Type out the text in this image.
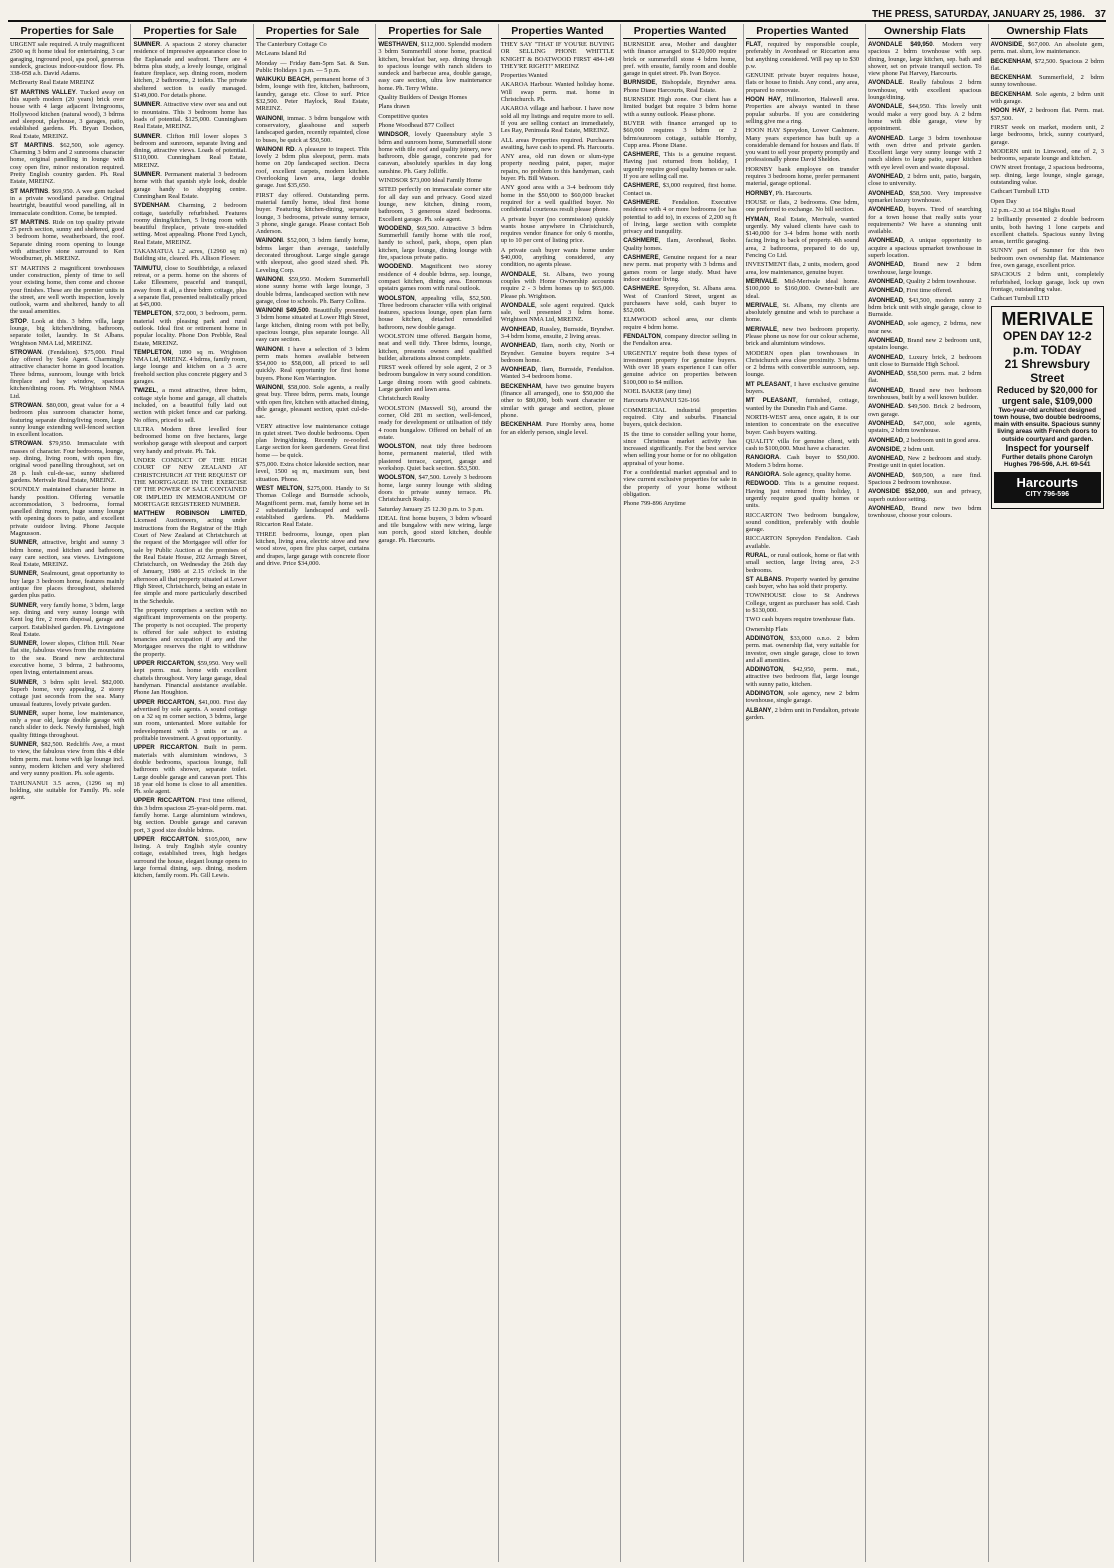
THE PRESS, SATURDAY, JANUARY 25, 1986. 37
Properties for Sale
URGENT sale required. A truly magnificent 2500 sq ft home ideal for entertaining, 3 car garaging, inground pool, spa pool, generous sundeck, gracious indoor-outdoor flow. Ph. 338-058 a.h. David Adams.
McBrearty Real Estate MREINZ
ST MARTINS VALLEY. Tucked away on this superb modern (20 years) brick over house with 4 large adjacent livingrooms, Hollywood kitchen (natural wood), 3 bdrms and sleepout, playhouse, 3 garages, patio, established gardens. Ph. Bryan Dodson, Real Estate, MREINZ.
ST MARTINS. $62,500, sole agency. Charming 3 bdrm and 2 sunrooms character home, original panelling in lounge with cosy open fire, minor restoration required. Pretty English country garden. Ph. Real Estate, MREINZ.
ST MARTINS. $69,950. A wee gem tucked in a private woodland paradise. Original heartright, beautiful wood panelling, all in immaculate condition. Come, be tempted.
ST MARTINS. Ride on top quality private 25 perch section, sunny and sheltered, good 3 bedroom home, weatherboard, the roof. Separate dining room opening to lounge with attractive stone surround to Ken Woodburner, ph. MREINZ.
ST MARTINS 2 magnificent townhouses under construction, plenty of time to sell your existing home, then come and choose your finishes. These are the premier units in the street, are well worth inspection, lovely outlook, warm and sheltered, handy to all the usual amenities.
STOP. Look at this. 3 bdrm villa, large lounge, big kitchen/dining, bathroom, separate toilet, laundry. In St Albans. Wrightson NMA Ltd, MREINZ.
STROWAN. (Fendalton). $75,000. Final day offered by Sole Agent. Charmingly attractive character home in good location. Three bdrms, sunroom, lounge with brick fireplace and bay window, spacious kitchen/dining room. Ph. Wrightson NMA Ltd.
STROWAN. $80,000, great value for a 4 bedroom plus sunroom character home, featuring separate dining/living room, large sunny lounge extending well-fenced section in excellent location.
STROWAN. $79,950. Immaculate with masses of character. Four bedrooms, lounge, sep. dining, living room, with open fire, original wood panelling throughout, set on 28 p. lush cul-de-sac, sunny sheltered gardens. Merivale Real Estate, MREINZ.
SOUNDLY maintained character home in handy position. Offering versatile accommodation, 3 bedrooms, formal panelled dining room, huge sunny lounge with opening doors to patio, and excellent private outdoor living. Phone Jacquie Magnusson.
SUMNER, attractive, bright and sunny 3 bdrm home, mod kitchen and bathroom, easy care section, sea views. Livingstone Real Estate, MREINZ.
SUMNER, Sealmount, great opportunity to buy large 3 bedroom home, features mainly antique fire places throughout, sheltered garden plus patio.
SUMNER, very family home, 3 bdrm, large sep. dining and very sunny lounge with Kent log fire, 2 room disposal, garage and carport. Established garden. Ph. Livingstone Real Estate.
SUMNER, lower slopes, Clifton Hill. Near flat site, fabulous views from the mountains to the sea. Brand new architectural executive home, 3 bdrms, 2 bathrooms, open living, entertainment areas.
SUMNER, 3 bdrm split level. $82,000. Superb home, very appealing, 2 storey cottage just seconds from the sea. Many unusual features, lovely private garden.
SUMNER, super home, low maintenance, only a year old, large double garage with ranch slider to deck. Newly furnished, high quality fittings throughout.
SUMNER, $82,500. Redcliffs Ave, a must to view, the fabulous view from this 4 dble bdrm perm. mat. home with lge lounge incl. sunny, modern kitchen and very sheltered and very sunny position. Ph. sole agents.
TAHUNANUI 3.5 acres, (1296 sq m) holding, site suitable for Family. Ph. sole agent.
Properties for Sale
SUMNER. A spacious 2 storey character residence of impressive appearance close to the Esplanade and seafront. There are 4 bdrms plus study, a lovely lounge, original feature fireplace, sep. dining room, modern kitchen, 2 bathrooms, 2 toilets. The private sheltered section is easily managed. $149,000. For details phone.
SUMNER. Attractive view over sea and out to mountains. This 3 bedroom home has loads of potential. $125,000. Cunningham Real Estate, MREINZ.
SUMNER. Clifton Hill lower slopes 3 bedroom and sunroom, separate living and dining, attractive views. Loads of potential. $110,000. Cunningham Real Estate, MREINZ.
SUMNER. Permanent material 3 bedroom home with that spanish style look, double garage handy to shopping centre. Cunningham Real Estate.
SYDENHAM. Charming, 2 bedroom cottage, tastefully refurbished. Features roomy dining/kitchen, 5 living room with beautiful fireplace, private tree-studded setting. Most appealing. Phone Fred Lynch, Real Estate, MREINZ.
TAKAMATUA 1.2 acres, (12960 sq m) Building site, cleared. Ph. Allison Flower.
TAIMUTU, close to Southbridge, a relaxed retreat, or a perm. home on the shores of Lake Ellesmere, peaceful and tranquil, away from it all, a three bdrm cottage, plus a separate flat, presented realistically priced at $45,000.
TEMPLETON, $72,000, 3 bedroom, perm. material with pleasing park and rural outlook. Ideal first or retirement home in popular locality. Phone Don Prebble, Real Estate, MREINZ.
TEMPLETON, 1890 sq m. Wrightson NMA Ltd, MREINZ. 4 bdrms, family room, large lounge and kitchen on a 3 acre freehold section plus concrete piggery and 3 garages.
TWIZEL, a most attractive, three bdrm, cottage style home and garage, all chattels included, on a beautiful fully laid out section with picket fence and car parking. No offers, priced to sell.
ULTRA Modern three levelled four bedroomed home on five hectares, large workshop garage with sleepout and carport very handy and private. Ph. Tak.
UNDER CONDUCT OF THE HIGH COURT OF NEW ZEALAND AT CHRISTCHURCH AT THE REQUEST OF THE MORTGAGEE IN THE EXERCISE OF THE POWER OF SALE CONTAINED OR IMPLIED IN MEMORANDUM OF MORTGAGE REGISTERED NUMBER.
MATTHEW ROBINSON LIMITED, Licensed Auctioneers, acting under instructions from the Registrar of the High Court of New Zealand at Christchurch at the request of the Mortgagee will offer for sale by Public Auction at the premises of the Real Estate House, 202 Armagh Street, Christchurch, on Wednesday the 26th day of January, 1986 at 2.15 o'clock in the afternoon all that property situated at Lower High Street, Christchurch, being an estate in fee simple and more particularly described in the Schedule.
The property comprises a section with no significant improvements on the property. The property is not occupied. The property is offered for sale subject to existing tenancies and occupation if any and the Mortgagee reserves the right to withdraw the property.
UPPER RICCARTON, $59,950. Very well kept perm. mat. home with excellent chattels throughout. Very large garage, ideal handyman. Financial assistance available. Phone Jan Houghton.
UPPER RICCARTON, $41,000. First day advertised by sole agents. A sound cottage on a 32 sq m corner section, 3 bdrms, large sun room, untenanted. More suitable for redevelopment with 3 units or as a profitable investment. A great opportunity.
UPPER RICCARTON. Built in perm. materials with aluminium windows, 3 double bedrooms, spacious lounge, full bathroom with shower, separate toilet. Large double garage and caravan port. This 18 year old home is close to all amenities. Ph. sole agent.
UPPER RICCARTON. First time offered, this 3 bdrm spacious 25-year-old perm. mat. family home. Large aluminium windows, big section. Double garage and caravan port, 3 good size double bdrms.
UPPER RICCARTON. $105,000, new listing. A truly English style country cottage, established trees, high hedges surround the house, elegant lounge opens to large formal dining, sep. dining, modern kitchen, family room. Ph. Gill Lewis.
Properties for Sale
The Canterbury Cottage Co
McLeans Island Rd
Monday — Friday 8am-5pm Sat. & Sun. Public Holidays 1 p.m. — 5 p.m.
WAIKUKU BEACH, permanent home of 3 bdrm, lounge with fire, kitchen, bathroom, laundry, garage etc. Close to surf. Price $32,500. Peter Haylock, Real Estate, MREINZ.
WAINONI, immac. 3 bdrm bungalow with conservatory, glasshouse and superb landscaped garden, recently repainted, close to buses, be quick at $50,500.
WAINONI RD. A pleasure to inspect. This lovely 2 bdrm plus sleepout, perm. mats home on 20p landscaped section. Decra roof, excellent carpets, modern kitchen. Overlooking lawn area, large double garage. Just $35,650.
FIRST day offered. Outstanding perm. material family home, ideal first home buyer. Featuring kitchen-dining, separate lounge, 3 bedrooms, private sunny terrace, 3 phone, single garage. Please contact Bob Anderson.
WAINONI. $52,000, 3 bdrm family home, bdrms larger than average, tastefully decorated throughout. Large single garage with sleepout, also good sized shed. Ph. Leveling Corp.
WAINONI. $59,950. Modern Summerhill stone sunny home with large lounge, 3 double bdrms, landscaped section with new garage, close to schools. Ph. Barry Collins.
WAINONI $49,500. Beautifully presented 3 bdrm home situated at Lower High Street, large kitchen, dining room with pot belly, spacious lounge, plus separate lounge. All easy care section.
WAINONI. I have a selection of 3 bdrm perm mats homes available between $54,000 to $58,000, all priced to sell quickly. Real opportunity for first home buyers. Phone Ken Warrington.
WAINONI, $58,000. Sole agents, a really great buy. Three bdrm, perm. mats, lounge with open fire, kitchen with attached dining, dble garage, pleasant section, quiet cul-de-sac.
VERY attractive low maintenance cottage in quiet street. Two double bedrooms. Open plan living/dining. Recently re-roofed. Large section for keen gardeners. Great first home — be quick.
$75,000. Extra choice lakeside section, near level, 1500 sq m, maximum sun, best situation. Phone.
WEST MELTON, $275,000. Handy to St Thomas College and Burnside schools, Magnificent perm. mat, family home set in 2 substantially landscaped and well-established gardens. Ph. Maddams Riccarton Real Estate.
THREE bedrooms, lounge, open plan kitchen, living area, electric stove and new wood stove, open fire plus carpet, curtains and drapes, large garage with concrete floor and drive. Price $34,000.
Properties for Sale
WESTHAVEN, $112,000. Splendid modern 3 bdrm Summerhill stone home, practical kitchen, breakfast bar, sep. dining through to spacious lounge with ranch sliders to sundeck and barbecue area, double garage, easy care section, ultra low maintenance home. Ph. Terry White.
Quality Builders of Design Homes
Plans drawn
Competitive quotes
Phone Woodhead 877 Collect
WINDSOR, lovely Queensbury style 3 bdrm and sunroom home, Summerhill stone home with tile roof and quality joinery, new bathroom, dble garage, concrete pad for caravan, absolutely sparkles in day long sunshine. Ph. Gary Jolliffe.
WINDSOR $73,000 Ideal Family Home
SITED perfectly on immaculate corner site for all day sun and privacy. Good sized lounge, new kitchen, dining room, bathroom, 3 generous sized bedrooms. Excellent garage. Ph. sole agent.
WOODEND, $69,500. Attractive 3 bdrm Summerhill family home with tile roof, handy to school, park, shops, open plan kitchen, large lounge, dining lounge with fire, spacious private patio.
WOODEND. Magnificent two storey residence of 4 double bdrms, sep. lounge, compact kitchen, dining area. Enormous upstairs games room with rural outlook.
WOOLSTON, appealing villa, $52,500. Three bedroom character villa with original features, spacious lounge, open plan farm house kitchen, detached remodelled bathroom, new double garage.
WOOLSTON time offered. Bargain home, neat and well tidy. Three bdrms, lounge, kitchen, presents owners and qualified builder, alterations almost complete.
FIRST week offered by sole agent, 2 or 3 bedroom bungalow in very sound condition. Large dining room with good cabinets. Large garden and lawn area.
Christchurch Realty
WOOLSTON (Maxwell St), around the corner, Old 281 m section, well-fenced, ready for development or utilisation of tidy 4 room bungalow. Offered on behalf of an estate.
WOOLSTON, neat tidy three bedroom home, permanent material, tiled with plastered terrace, carport, garage and workshop. Quiet back section. $53,500.
WOOLSTON, $47,500. Lovely 3 bedroom home, large sunny lounge with sliding doors to private sunny terrace. Ph. Christchurch Realty.
Saturday January 25 12.30 p.m. to 3 p.m.
IDEAL first home buyers, 3 bdrm w'board and tile bungalow with new wiring, large sun porch, good sized kitchen, double garage. Ph. Harcourts.
Properties Wanted
THEY SAY "THAT IF YOU'RE BUYING OR SELLING PHONE WHITTLE KNIGHT & BOATWOOD FIRST 484-149 THEY'RE RIGHT!" MREINZ
Properties Wanted
AKAROA Harbour. Wanted holiday home. Will swap perm. mat. home in Christchurch. Ph.
AKAROA village and harbour. I have now sold all my listings and require more to sell. If you are selling contact an immediately, Les Ray, Peninsula Real Estate, MREINZ.
ALL areas Properties required. Purchasers awaiting, have cash to spend. Ph. Harcourts.
ANY area, old run down or slum-type property needing paint, paper, major repairs, no problem to this handyman, cash buyer. Ph. Bill Watson.
ANY good area with a 3-4 bedroom tidy home in the $50,000 to $60,000 bracket required for a well qualified buyer. No confidential courteous result please phone.
A private buyer (no commission) quickly wants house anywhere in Christchurch, requires vendor finance for only 6 months, up to 10 per cent of listing price.
A private cash buyer wants home under $40,000, anything considered, any condition, no agents please.
AVONDALE, St. Albans, two young couples with Home Ownership accounts require 2 - 3 bdrm homes up to $65,000. Please ph. Wrightson.
AVONDALE, sole agent required. Quick sale, well presented 3 bdrm home. Wrightson NMA Ltd, MREINZ.
AVONHEAD, Russley, Burnside, Bryndwr. 3-4 bdrm home, ensuite, 2 living areas.
AVONHEAD, Ilam, north city, North or Bryndwr. Genuine buyers require 3-4 bedroom home.
AVONHEAD, Ilam, Burnside, Fendalton. Wanted 3-4 bedroom home.
BECKENHAM, have two genuine buyers (finance all arranged), one to $50,000 the other to $80,000, both want character or similar with garage and section, please phone.
BECKENHAM. Pure Hornby area, home for an elderly person, single level.
Properties Wanted
BURNSIDE area, Mother and daughter with finance arranged to $120,000 require brick or summerhill stone 4 bdrm home, pref. with ensuite, family room and double garage in quiet street. Ph. Ivan Boyce.
BURNSIDE, Bishopdale, Bryndwr area. Phone Diane Harcourts, Real Estate.
BURNSIDE High zone. Our client has a limited budget but require 3 bdrm home with a sunny outlook. Please phone.
BUYER with finance arranged up to $60,000 requires 3 bdrm or 2 bdrm/sunroom cottage, suitable Hornby, Cupp area. Phone Diane.
CASHMERE, This is a genuine request. Having just returned from holiday, I urgently require good quality homes or sale. If you are selling call me.
CASHMERE, $3,000 required, first home. Contact us.
CASHMERE. Fendalton. Executive residence with 4 or more bedrooms (or has potential to add to), in excess of 2,200 sq ft of living, large section with complete privacy and tranquility.
CASHMERE, Ilam, Avonhead, Ikoho. Quality homes.
CASHMERE, Genuine request for a near new perm. mat property with 3 bdrms and games room or large study. Must have indoor outdoor living.
CASHMERE. Spreydon, St. Albans area. West of Cranford Street, urgent as purchasers have sold, cash buyer to $52,000.
ELMWOOD school area, our clients require 4 bdrm home.
FENDALTON, company director selling in the Fendalton area.
URGENTLY require both these types of investment property for genuine buyers. With over 18 years experience I can offer genuine advice on properties between $100,000 to $4 million.
NOEL BAKER (any time)
Harcourts PAPANUI 526-166
COMMERCIAL industrial properties required. City and suburbs. Financial buyers, quick decision.
IS the time to consider selling your home, since Christmas market activity has increased significantly. For the best service when selling your home or for no obligation appraisal of your home.
For a confidential market appraisal and to view current exclusive properties for sale in the property of your home without obligation.
Phone 799-896 Anytime
Properties Wanted
FLAT, required by responsible couple, preferably in Avonhead or Riccarton area but anything considered. Will pay up to $30 p.w.
GENUINE private buyer requires house, flats or house to finish. Any cond., any area, prepared to renovate.
HOON HAY, Hillmorton, Halswell area. Properties are always wanted in these popular suburbs. If you are considering selling give me a ring.
HOON HAY Spreydon, Lower Cashmere. Many years experience has built up a considerable demand for houses and flats. If you want to sell your property promptly and professionally phone David Sheldon.
HORNBY bank employee on transfer requires 3 bedroom home, prefer permanent material, garage optional.
HORNBY, Ph. Harcourts.
HOUSE or flats, 2 bedrooms. One bdrm, one preferred to exchange. No bill section.
HYMAN, Real Estate, Merivale, wanted urgently. My valued clients have cash to $140,000 for 3-4 bdrm home with north facing living to back of property. 4th sound area, 2 bathrooms, prepared to do up, Fencing Co Ltd.
INVESTMENT flats, 2 units, modern, good area, low maintenance, genuine buyer.
MERIVALE. Mid-Merivale ideal home. $100,000 to $160,000. Owner-built are ideal.
MERIVALE, St. Albans, my clients are absolutely genuine and wish to purchase a home.
MERIVALE, new two bedroom property. Please phone us now for our colour scheme, brick and aluminium windows.
MODERN open plan townhouses in Christchurch area close proximity. 3 bdrms or 2 bdrms with convertible sunroom, sep. lounge.
MT PLEASANT, I have exclusive genuine buyers.
MT PLEASANT, furnished, cottage, wanted by the Dunedin Fish and Game.
NORTH-WEST area, once again, it is our intention to concentrate on the executive buyer. Cash buyers waiting.
QUALITY villa for genuine client, with cash to $100,000. Must have a character.
RANGIORA. Cash buyer to $50,000. Modern 3 bdrm home.
RANGIORA. Sole agency, quality home.
REDWOOD. This is a genuine request. Having just returned from holiday, I urgently require good quality homes or units.
RICCARTON Two bedroom bungalow, sound condition, preferably with double garage.
RICCARTON Spreydon Fendalton. Cash available.
RURAL, or rural outlook, home or flat with small section, large living area, 2-3 bedrooms.
ST ALBANS. Property wanted by genuine cash buyer, who has sold their property.
TOWNHOUSE close to St Andrews College, urgent as purchaser has sold. Cash to $130,000.
TWO cash buyers require townhouse flats.
Ownership Flats
ADDINGTON, $33,000 o.n.o. 2 bdrm perm. mat. ownership flat, very suitable for investor, own single garage, close to town and all amenities.
ADDINGTON, $42,950, perm. mat., attractive two bedroom flat, large lounge with sunny patio, kitchen.
ADDINGTON, sole agency, new 2 bdrm townhouse, single garage.
ALBANY, 2 bdrm unit in Fendalton, private garden.
Ownership Flats
AVONDALE $49,950. Modern very spacious 2 bdrm townhouse with sep. dining, lounge, large kitchen, sep. bath and shower, set on private tranquil section. To view phone Pat Harvey, Harcourts.
AVONDALE. Really fabulous 2 bdrm townhouse, with excellent spacious lounge/dining.
AVONDALE, $44,950. This lovely unit would make a very good buy. A 2 bdrm home with dble garage, view by appointment.
AVONHEAD. Large 3 bdrm townhouse with own drive and private garden. Excellent large very sunny lounge with 2 ranch sliders to large patio, super kitchen with eye level oven and waste disposal.
AVONHEAD, 2 bdrm unit, patio, bargain, close to university.
AVONHEAD, $58,500. Very impressive upmarket luxury townhouse.
AVONHEAD, buyers. Tired of searching for a town house that really suits your requirements? We have a stunning unit available.
AVONHEAD, A unique opportunity to acquire a spacious upmarket townhouse in superb location.
AVONHEAD, Brand new 2 bdrm townhouse, large lounge.
AVONHEAD, Quality 2 bdrm townhouse.
AVONHEAD, First time offered.
AVONHEAD, $43,500, modern sunny 2 bdrm brick unit with single garage, close to Burnside.
AVONHEAD, sole agency, 2 bdrms, new near new.
AVONHEAD, Brand new 2 bedroom unit, upstairs lounge.
AVONHEAD, Luxury brick, 2 bedroom unit close to Burnside High School.
AVONHEAD, $58,500 perm. mat. 2 bdrm flat.
AVONHEAD, Brand new two bedroom townhouses, built by a well known builder.
AVONHEAD. $49,500. Brick 2 bedroom, own garage.
AVONHEAD, $47,000, sole agents, upstairs, 2 bdrm townhouse.
AVONHEAD, 2 bedroom unit in good area.
AVONSIDE, 2 bdrm unit.
AVONHEAD, New 2 bedroom and study. Prestige unit in quiet location.
AVONHEAD, $69,500, a rare find. Spacious 2 bedroom townhouse.
AVONSIDE $52,000, sun and privacy, superb outdoor setting.
AVONHEAD, Brand new two bdrm townhouse, choose your colours.
Ownership Flats
AVONSIDE, $67,000. An absolute gem, perm. mat. slum, low maintenance.
BECKENHAM, $72,500. Spacious 2 bdrm flat.
BECKENHAM. Summerfield, 2 bdrm sunny townhouse.
BECKENHAM. Sole agents, 2 bdrm unit with garage.
HOON HAY, 2 bedroom flat. Perm. mat. $37,500.
FIRST week on market, modern unit, 2 large bedrooms, brick, sunny courtyard, garage.
MODERN unit in Linwood, one of 2, 3 bedrooms, separate lounge and kitchen.
OWN street frontage, 2 spacious bedrooms, sep. dining, large lounge, single garage, outstanding value.
Cathcart Turnbull LTD
Open Day
12 p.m.–2.30 at 164 Blighs Road
2 brilliantly presented 2 double bedroom units, both having 1 lone carpets and excellent chattels. Spacious sunny living areas, terrific garaging.
SUNNY part of Sumner for this two bedroom own ownership flat. Maintenance free, own garage, excellent price.
SPACIOUS 2 bdrm unit, completely refurbished, lockup garage, lock up own frontage, outstanding value.
Cathcart Turnbull LTD
MERIVALE
OPEN DAY 12-2 p.m. TODAY
21 Shrewsbury Street
Reduced by $20,000 for urgent sale, $109,000
Two-year-old architect designed town house, two double bedrooms, main with ensuite. Spacious sunny living areas with French doors to outside courtyard and garden.
Inspect for yourself
Further details phone Carolyn Hughes 796-596, A.H. 69-541
Harcourts
CITY 796-596
